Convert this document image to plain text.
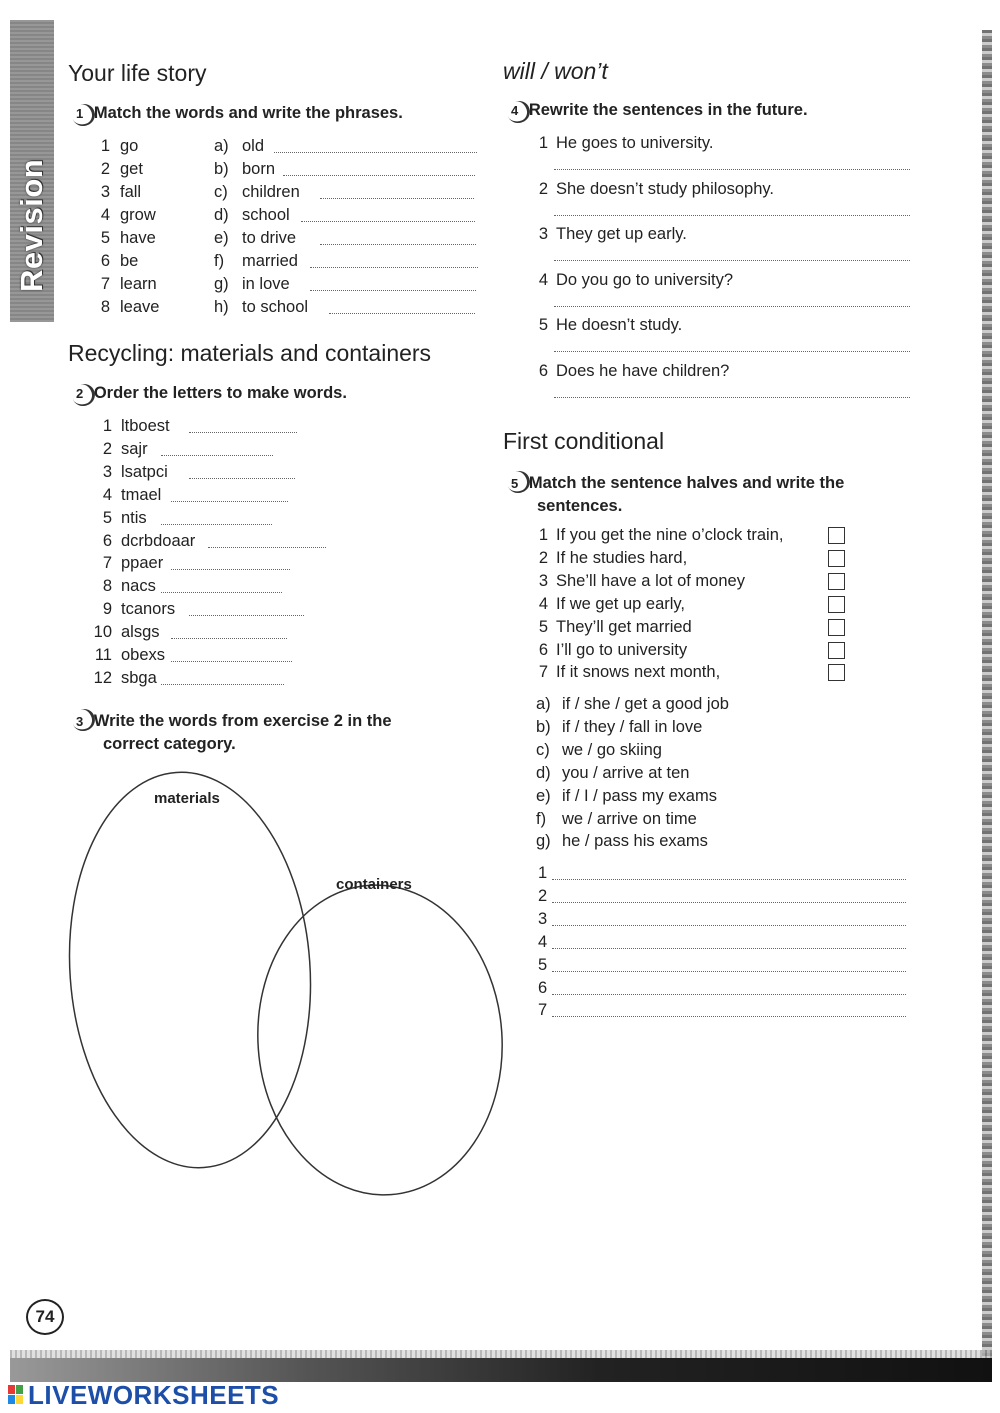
Revision
Your life story
1 Match the words and write the phrases.
1 go	a) old
2 get	b) born
3 fall	c) children
4 grow	d) school
5 have	e) to drive
6 be	f) married
7 learn	g) in love
8 leave	h) to school
Recycling: materials and containers
2 Order the letters to make words.
1 ltboest
2 sajr
3 lsatpci
4 tmael
5 ntis
6 dcrbdoaar
7 ppaer
8 nacs
9 tcanors
10 alsgs
11 obexs
12 sbga
3 Write the words from exercise 2 in the
correct category.
materials
containers
will / won’t
4 Rewrite the sentences in the future.
1 He goes to university.
2 She doesn’t study philosophy.
3 They get up early.
4 Do you go to university?
5 He doesn’t study.
6 Does he have children?
First conditional
5 Match the sentence halves and write the
sentences.
1 If you get the nine o’clock train,
2 If he studies hard,
3 She’ll have a lot of money
4 If we get up early,
5 They’ll get married
6 I’ll go to university
7 If it snows next month,
a) if / she / get a good job
b) if / they / fall in love
c) we / go skiing
d) you / arrive at ten
e) if / I / pass my exams
f) we / arrive on time
g) he / pass his exams
1
2
3
4
5
6
7
74
LIVEWORKSHEETS
